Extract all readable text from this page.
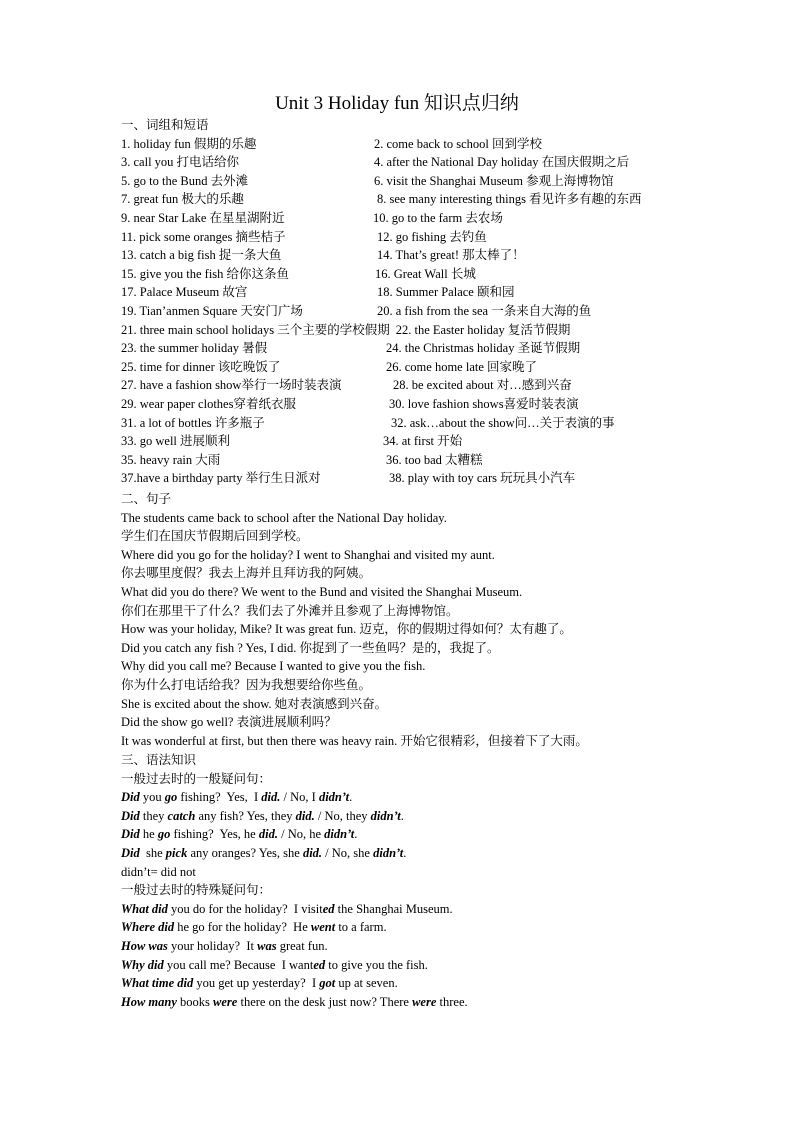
Unit 3 Holiday fun 知识点归纳
一、词组和短语
1. holiday fun 假期的乐趣	2. come back to school 回到学校
3. call you 打电话给你	4. after the National Day holiday 在国庆假期之后
5. go to the Bund 去外滩	6. visit the Shanghai Museum 参观上海博物馆
7. great fun 极大的乐趣	8. see many interesting things 看见许多有趣的东西
9. near Star Lake 在星星湖附近	10. go to the farm 去农场
11. pick some oranges 摘些桔子	12. go fishing 去钓鱼
13. catch a big fish 捉一条大鱼	14. That’s great! 那太棒了！
15. give you the fish 给你这条鱼	16. Great Wall 长城
17. Palace Museum 故宫	18. Summer Palace 颐和园
19. Tian’anmen Square 天安门广场	20. a fish from the sea 一条来自大海的鱼
21. three main school holidays 三个主要的学校假期 22. the Easter holiday 复活节假期
23. the summer holiday 暑假	24. the Christmas holiday 圣诞节假期
25. time for dinner 该吃晚饭了	26. come home late 回家晚了
27. have a fashion show举行一场时装表演	28. be excited about 对…感到兴奋
29. wear paper clothes穿着纸衣服	30. love fashion shows喜爱时装表演
31. a lot of bottles 许多瓶子	32. ask…about the show问…关于表演的事
33. go well 进展顺利	34. at first 开始
35. heavy rain 大雨	36. too bad 太糟糕
37.have a birthday party 举行生日派对	38. play with toy cars 玩玩具小汽车
二、句子
The students came back to school after the National Day holiday.
学生们在国庆节假期后回到学校。
Where did you go for the holiday? I went to Shanghai and visited my aunt.
你去哪里度假？我去上海并且拜访我的阿姨。
What did you do there? We went to the Bund and visited the Shanghai Museum.
你们在那里干了什么？我们去了外滩并且参观了上海博物馆。
How was your holiday, Mike? It was great fun. 迈克，你的假期过得如何？太有趣了。
Did you catch any fish ? Yes, I did. 你捉到了一些鱼吗？是的，我捉了。
Why did you call me? Because I wanted to give you the fish.
你为什么打电话给我？因为我想要给你些鱼。
She is excited about the show. 她对表演感到兴奋。
Did the show go well? 表演进展顺利吗？
It was wonderful at first, but then there was heavy rain. 开始它很精彩，但接着下了大雨。
三、语法知识
一般过去时的一般疑问句：
Did you go fishing?  Yes,  I did. / No, I didn’t.
Did they catch any fish? Yes, they did. / No, they didn’t.
Did he go fishing?  Yes, he did. / No, he didn’t.
Did  she pick any oranges? Yes, she did. / No, she didn’t.
didn’t= did not
一般过去时的特殊疑问句：
What did you do for the holiday?  I visited the Shanghai Museum.
Where did he go for the holiday?  He went to a farm.
How was your holiday?  It was great fun.
Why did you call me? Because  I wanted to give you the fish.
What time did you get up yesterday?  I got up at seven.
How many books were there on the desk just now? There were three.
